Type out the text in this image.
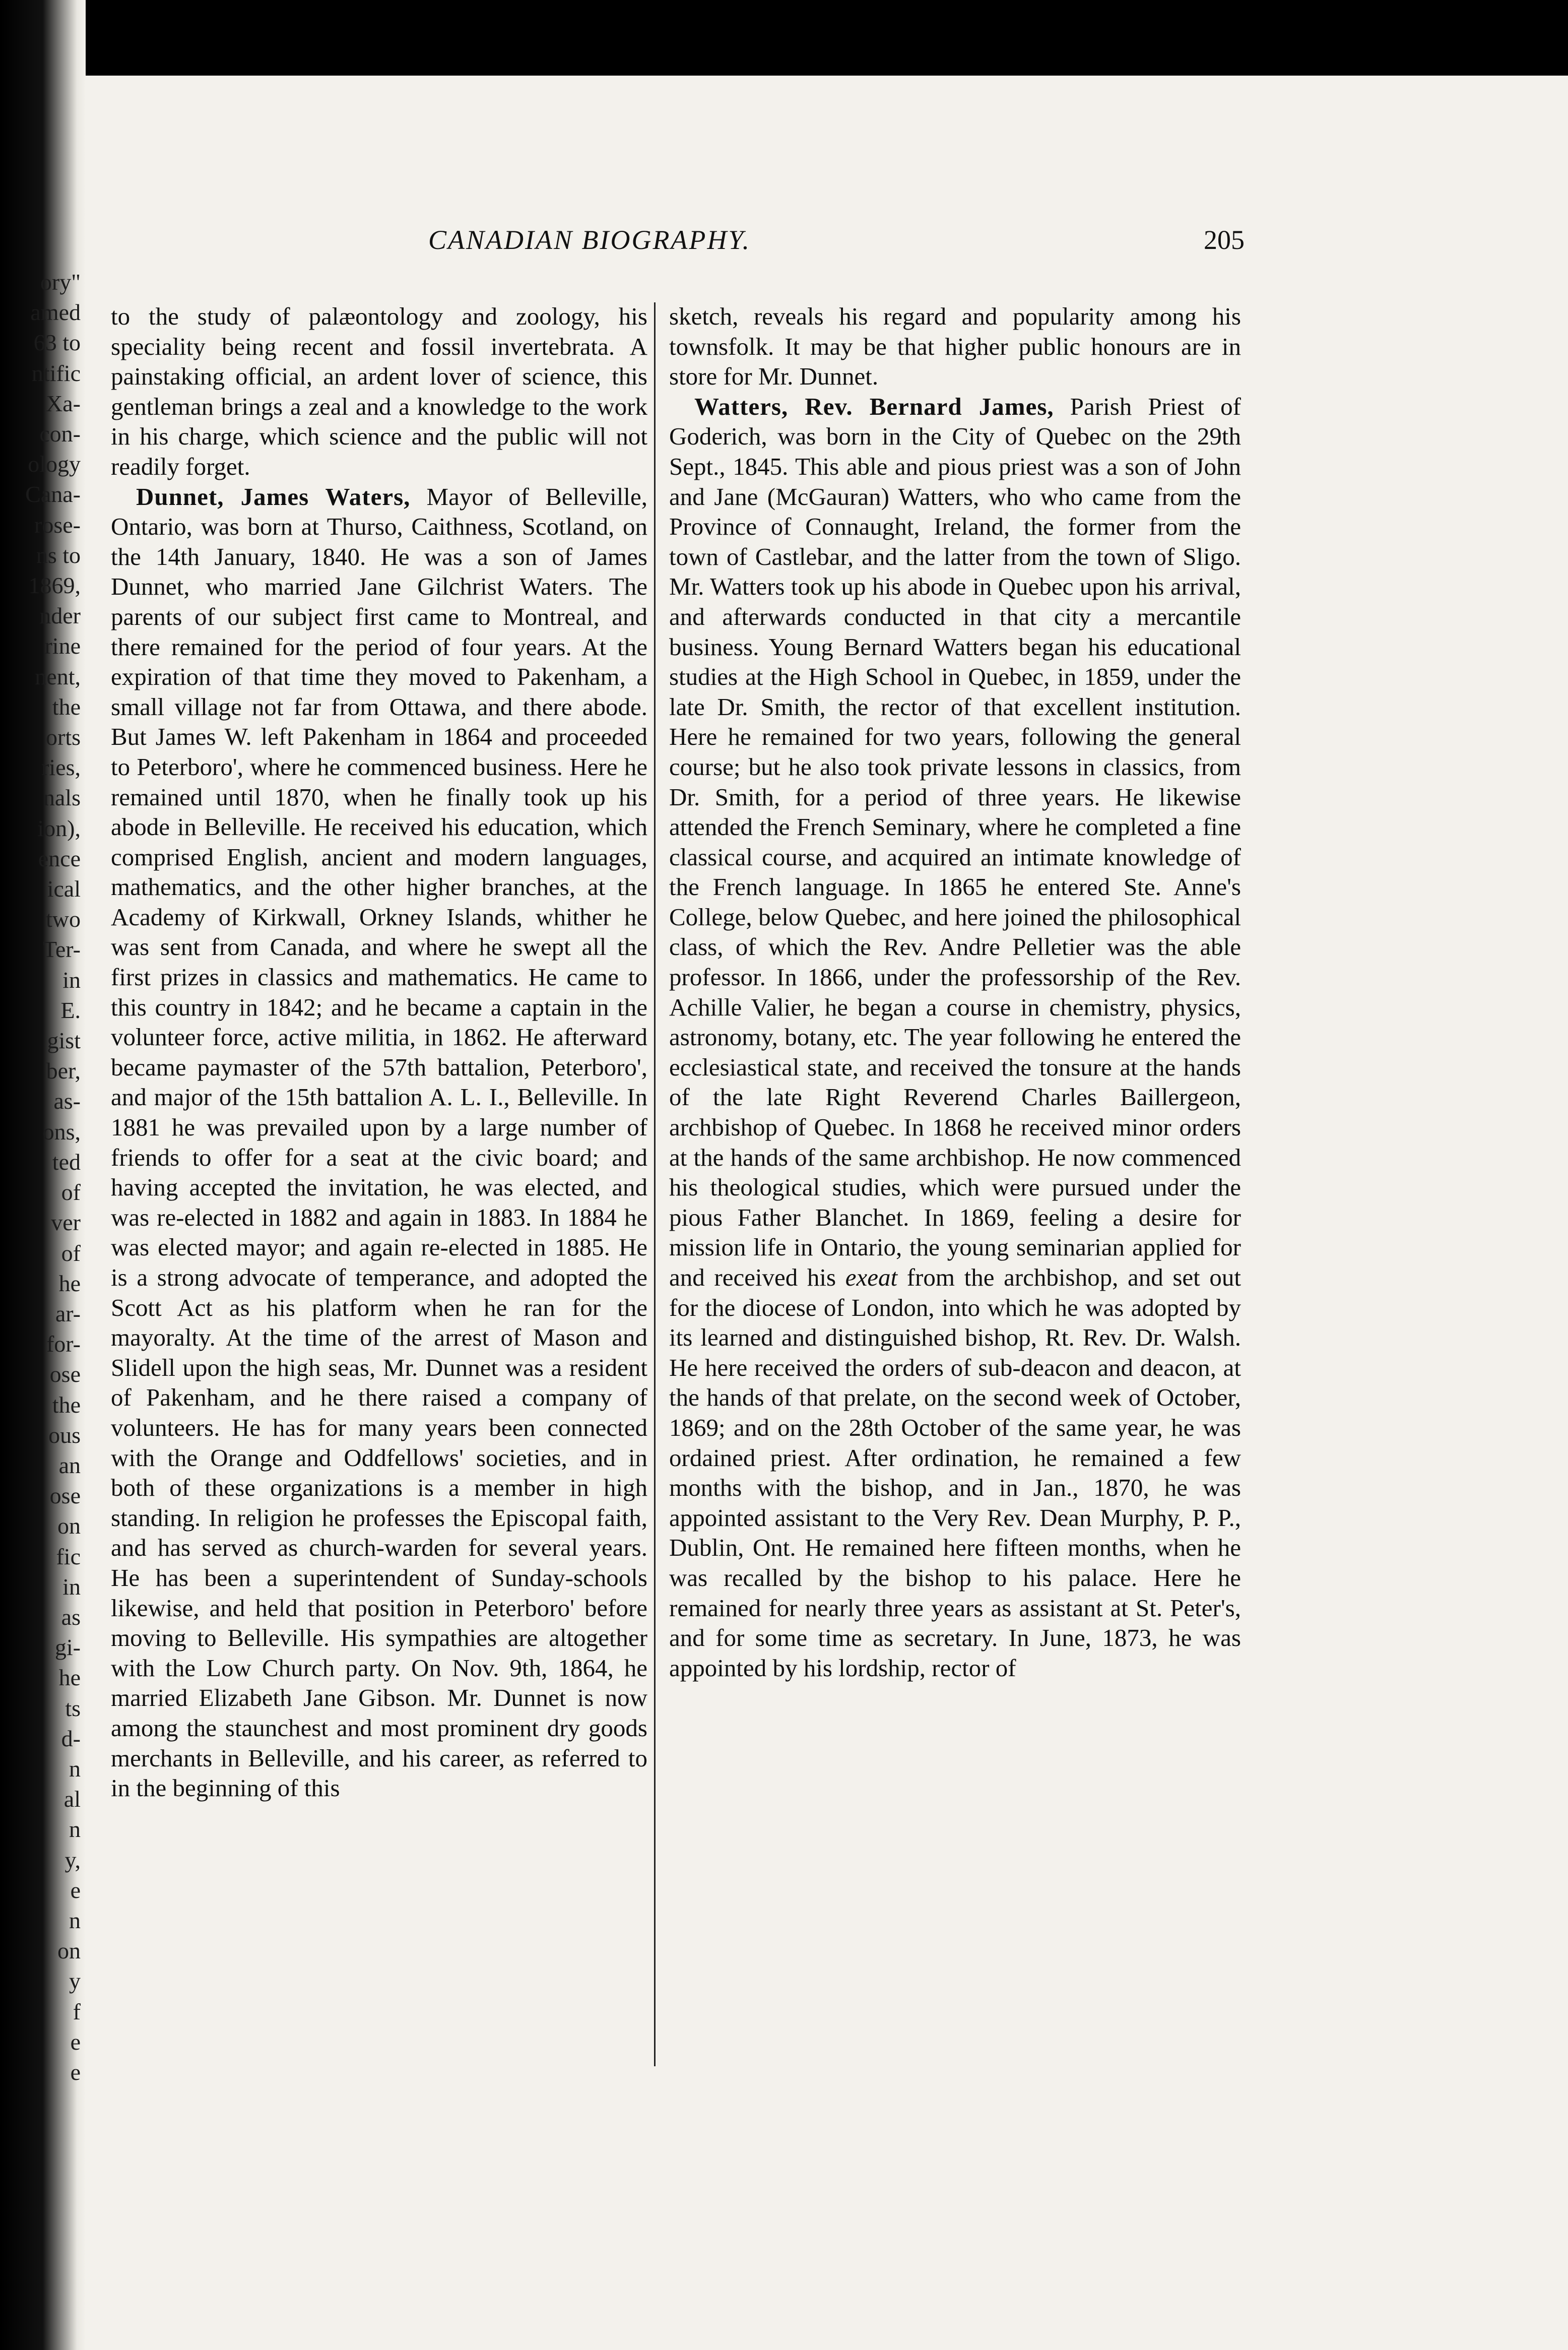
ory"
amed
63 to
ntific
Xa-
con-
ology
Cana-
rose-
ns to
1869,
nder
rine
nent,
the
orts
ries,
nals
ion),
ence
ical
two
Ter-
in
E.
gist
ber,
as-
ons,
ted
of
ver
of
he
ar-
for-
ose
the
ous
an
ose
on
fic
in
as
gi-
he
ts
d-
n
al
n
y,
e
n
on
y
f
e
e
CANADIAN BIOGRAPHY.	205

to the study of palæontology and zoology, his speciality being recent and fossil invertebrata. A painstaking official, an ardent lover of science, this gentleman brings a zeal and a knowledge to the work in his charge, which science and the public will not readily forget.

Dunnet, James Waters, Mayor of Belleville, Ontario, was born at Thurso, Caithness, Scotland, on the 14th January, 1840. He was a son of James Dunnet, who married Jane Gilchrist Waters. The parents of our subject first came to Montreal, and there remained for the period of four years. At the expiration of that time they moved to Pakenham, a small village not far from Ottawa, and there abode. But James W. left Pakenham in 1864 and proceeded to Peterboro', where he commenced business. Here he remained until 1870, when he finally took up his abode in Belleville. He received his education, which comprised English, ancient and modern languages, mathematics, and the other higher branches, at the Academy of Kirkwall, Orkney Islands, whither he was sent from Canada, and where he swept all the first prizes in classics and mathematics. He came to this country in 1842; and he became a captain in the volunteer force, active militia, in 1862. He afterward became paymaster of the 57th battalion, Peterboro', and major of the 15th battalion A. L. I., Belleville. In 1881 he was prevailed upon by a large number of friends to offer for a seat at the civic board; and having accepted the invitation, he was elected, and was re-elected in 1882 and again in 1883. In 1884 he was elected mayor; and again re-elected in 1885. He is a strong advocate of temperance, and adopted the Scott Act as his platform when he ran for the mayoralty. At the time of the arrest of Mason and Slidell upon the high seas, Mr. Dunnet was a resident of Pakenham, and he there raised a company of volunteers. He has for many years been connected with the Orange and Oddfellows' societies, and in both of these organizations is a member in high standing. In religion he professes the Episcopal faith, and has served as church-warden for several years. He has been a superintendent of Sunday-schools likewise, and held that position in Peterboro' before moving to Belleville. His sympathies are altogether with the Low Church party. On Nov. 9th, 1864, he married Elizabeth Jane Gibson. Mr. Dunnet is now among the staunchest and most prominent dry goods merchants in Belleville, and his career, as referred to in the beginning of this

sketch, reveals his regard and popularity among his townsfolk. It may be that higher public honours are in store for Mr. Dunnet.

Watters, Rev. Bernard James, Parish Priest of Goderich, was born in the City of Quebec on the 29th Sept., 1845. This able and pious priest was a son of John and Jane (McGauran) Watters, who who came from the Province of Connaught, Ireland, the former from the town of Castlebar, and the latter from the town of Sligo. Mr. Watters took up his abode in Quebec upon his arrival, and afterwards conducted in that city a mercantile business. Young Bernard Watters began his educational studies at the High School in Quebec, in 1859, under the late Dr. Smith, the rector of that excellent institution. Here he remained for two years, following the general course; but he also took private lessons in classics, from Dr. Smith, for a period of three years. He likewise attended the French Seminary, where he completed a fine classical course, and acquired an intimate knowledge of the French language. In 1865 he entered Ste. Anne's College, below Quebec, and here joined the philosophical class, of which the Rev. Andre Pelletier was the able professor. In 1866, under the professorship of the Rev. Achille Valier, he began a course in chemistry, physics, astronomy, botany, etc. The year following he entered the ecclesiastical state, and received the tonsure at the hands of the late Right Reverend Charles Baillergeon, archbishop of Quebec. In 1868 he received minor orders at the hands of the same archbishop. He now commenced his theological studies, which were pursued under the pious Father Blanchet. In 1869, feeling a desire for mission life in Ontario, the young seminarian applied for and received his exeat from the archbishop, and set out for the diocese of London, into which he was adopted by its learned and distinguished bishop, Rt. Rev. Dr. Walsh. He here received the orders of sub-deacon and deacon, at the hands of that prelate, on the second week of October, 1869; and on the 28th October of the same year, he was ordained priest. After ordination, he remained a few months with the bishop, and in Jan., 1870, he was appointed assistant to the Very Rev. Dean Murphy, P. P., Dublin, Ont. He remained here fifteen months, when he was recalled by the bishop to his palace. Here he remained for nearly three years as assistant at St. Peter's, and for some time as secretary. In June, 1873, he was appointed by his lordship, rector of
